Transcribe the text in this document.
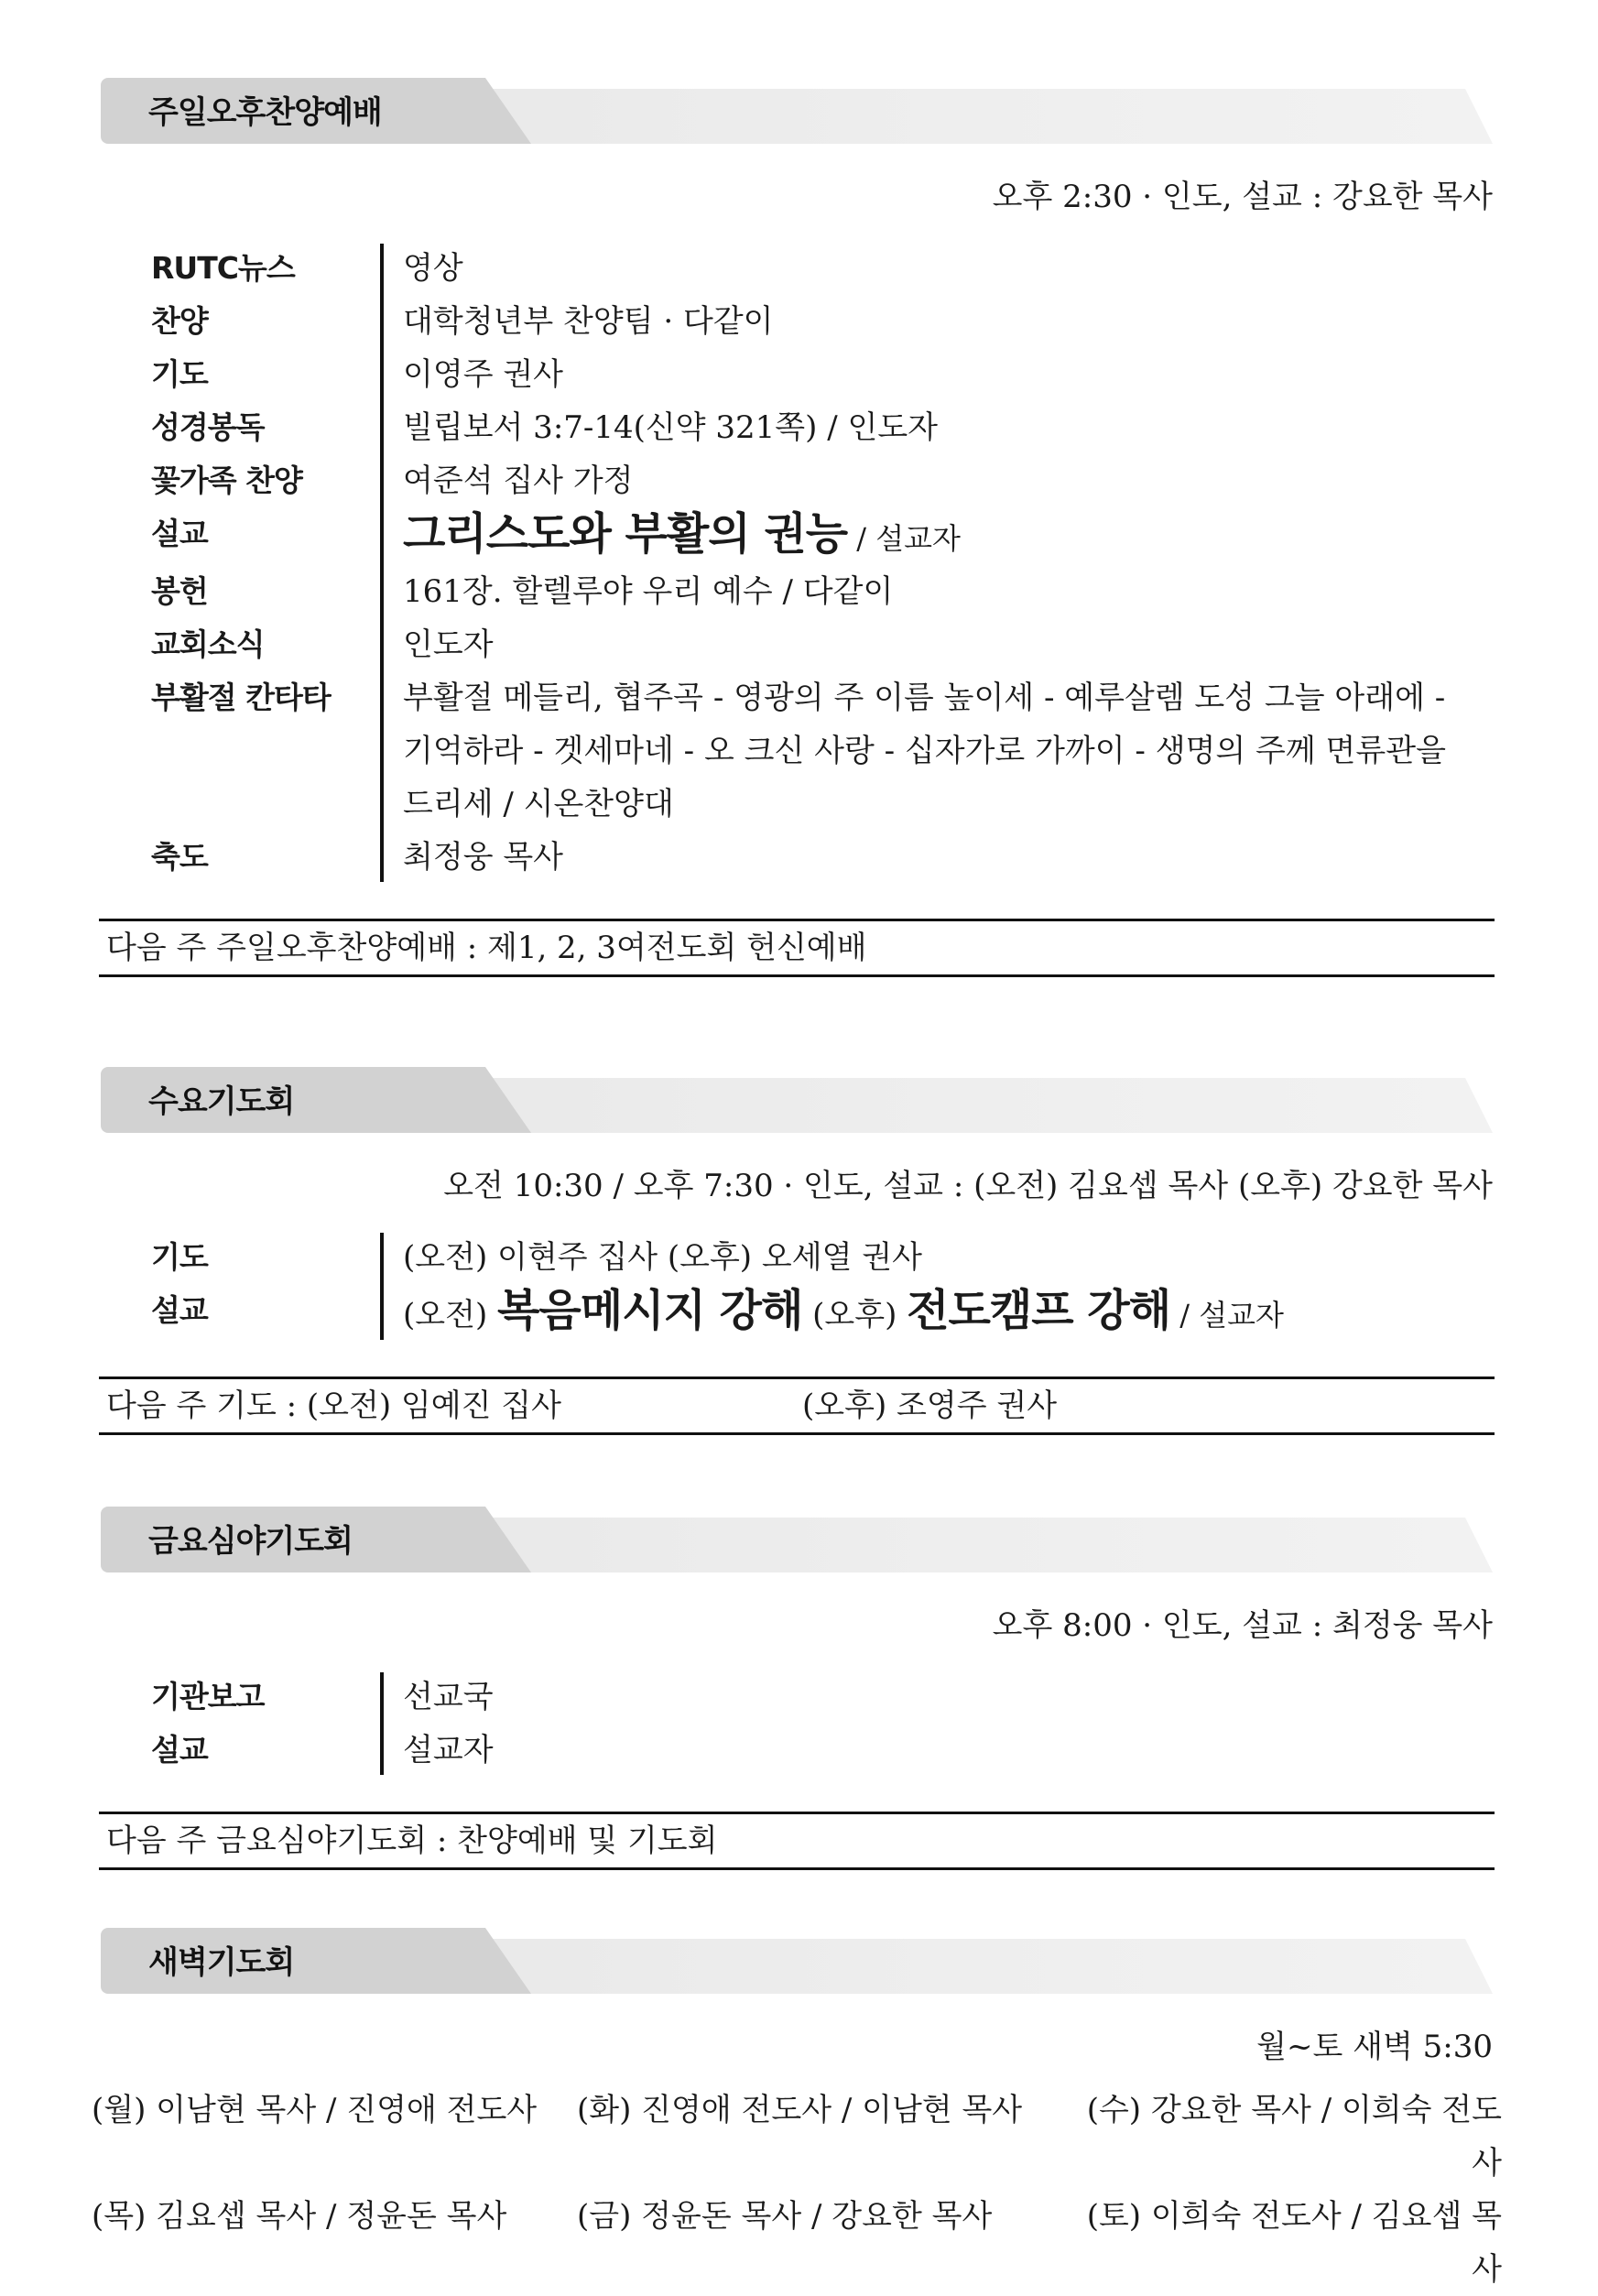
주일오후찬양예배
오후 2:30 · 인도, 설교 : 강요한 목사
RUTC뉴스	영상
찬양	대학청년부 찬양팀 · 다같이
기도	이영주 권사
성경봉독	빌립보서 3:7-14(신약 321쪽) / 인도자
꽃가족 찬양	여준석 집사 가정
설교	그리스도와 부활의 권능 / 설교자
봉헌	161장. 할렐루야 우리 예수 / 다같이
교회소식	인도자
부활절 칸타타	부활절 메들리, 협주곡 - 영광의 주 이름 높이세 - 예루살렘 도성 그늘 아래에 - 기억하라 - 겟세마네 - 오 크신 사랑 - 십자가로 가까이 - 생명의 주께 면류관을 드리세 / 시온찬양대
축도	최정웅 목사
다음 주 주일오후찬양예배 : 제1, 2, 3여전도회 헌신예배
수요기도회
오전 10:30 / 오후 7:30 · 인도, 설교 : (오전) 김요셉 목사 (오후) 강요한 목사
기도	(오전) 이현주 집사 (오후) 오세열 권사
설교	(오전) 복음메시지 강해 (오후) 전도캠프 강해 / 설교자
다음 주 기도 : (오전) 임예진 집사	(오후) 조영주 권사
금요심야기도회
오후 8:00 · 인도, 설교 : 최정웅 목사
기관보고	선교국
설교	설교자
다음 주 금요심야기도회 : 찬양예배 및 기도회
새벽기도회
월~토 새벽 5:30
(월) 이남현 목사 / 진영애 전도사	(화) 진영애 전도사 / 이남현 목사	(수) 강요한 목사 / 이희숙 전도사
(목) 김요셉 목사 / 정윤돈 목사	(금) 정윤돈 목사 / 강요한 목사	(토) 이희숙 전도사 / 김요셉 목사
